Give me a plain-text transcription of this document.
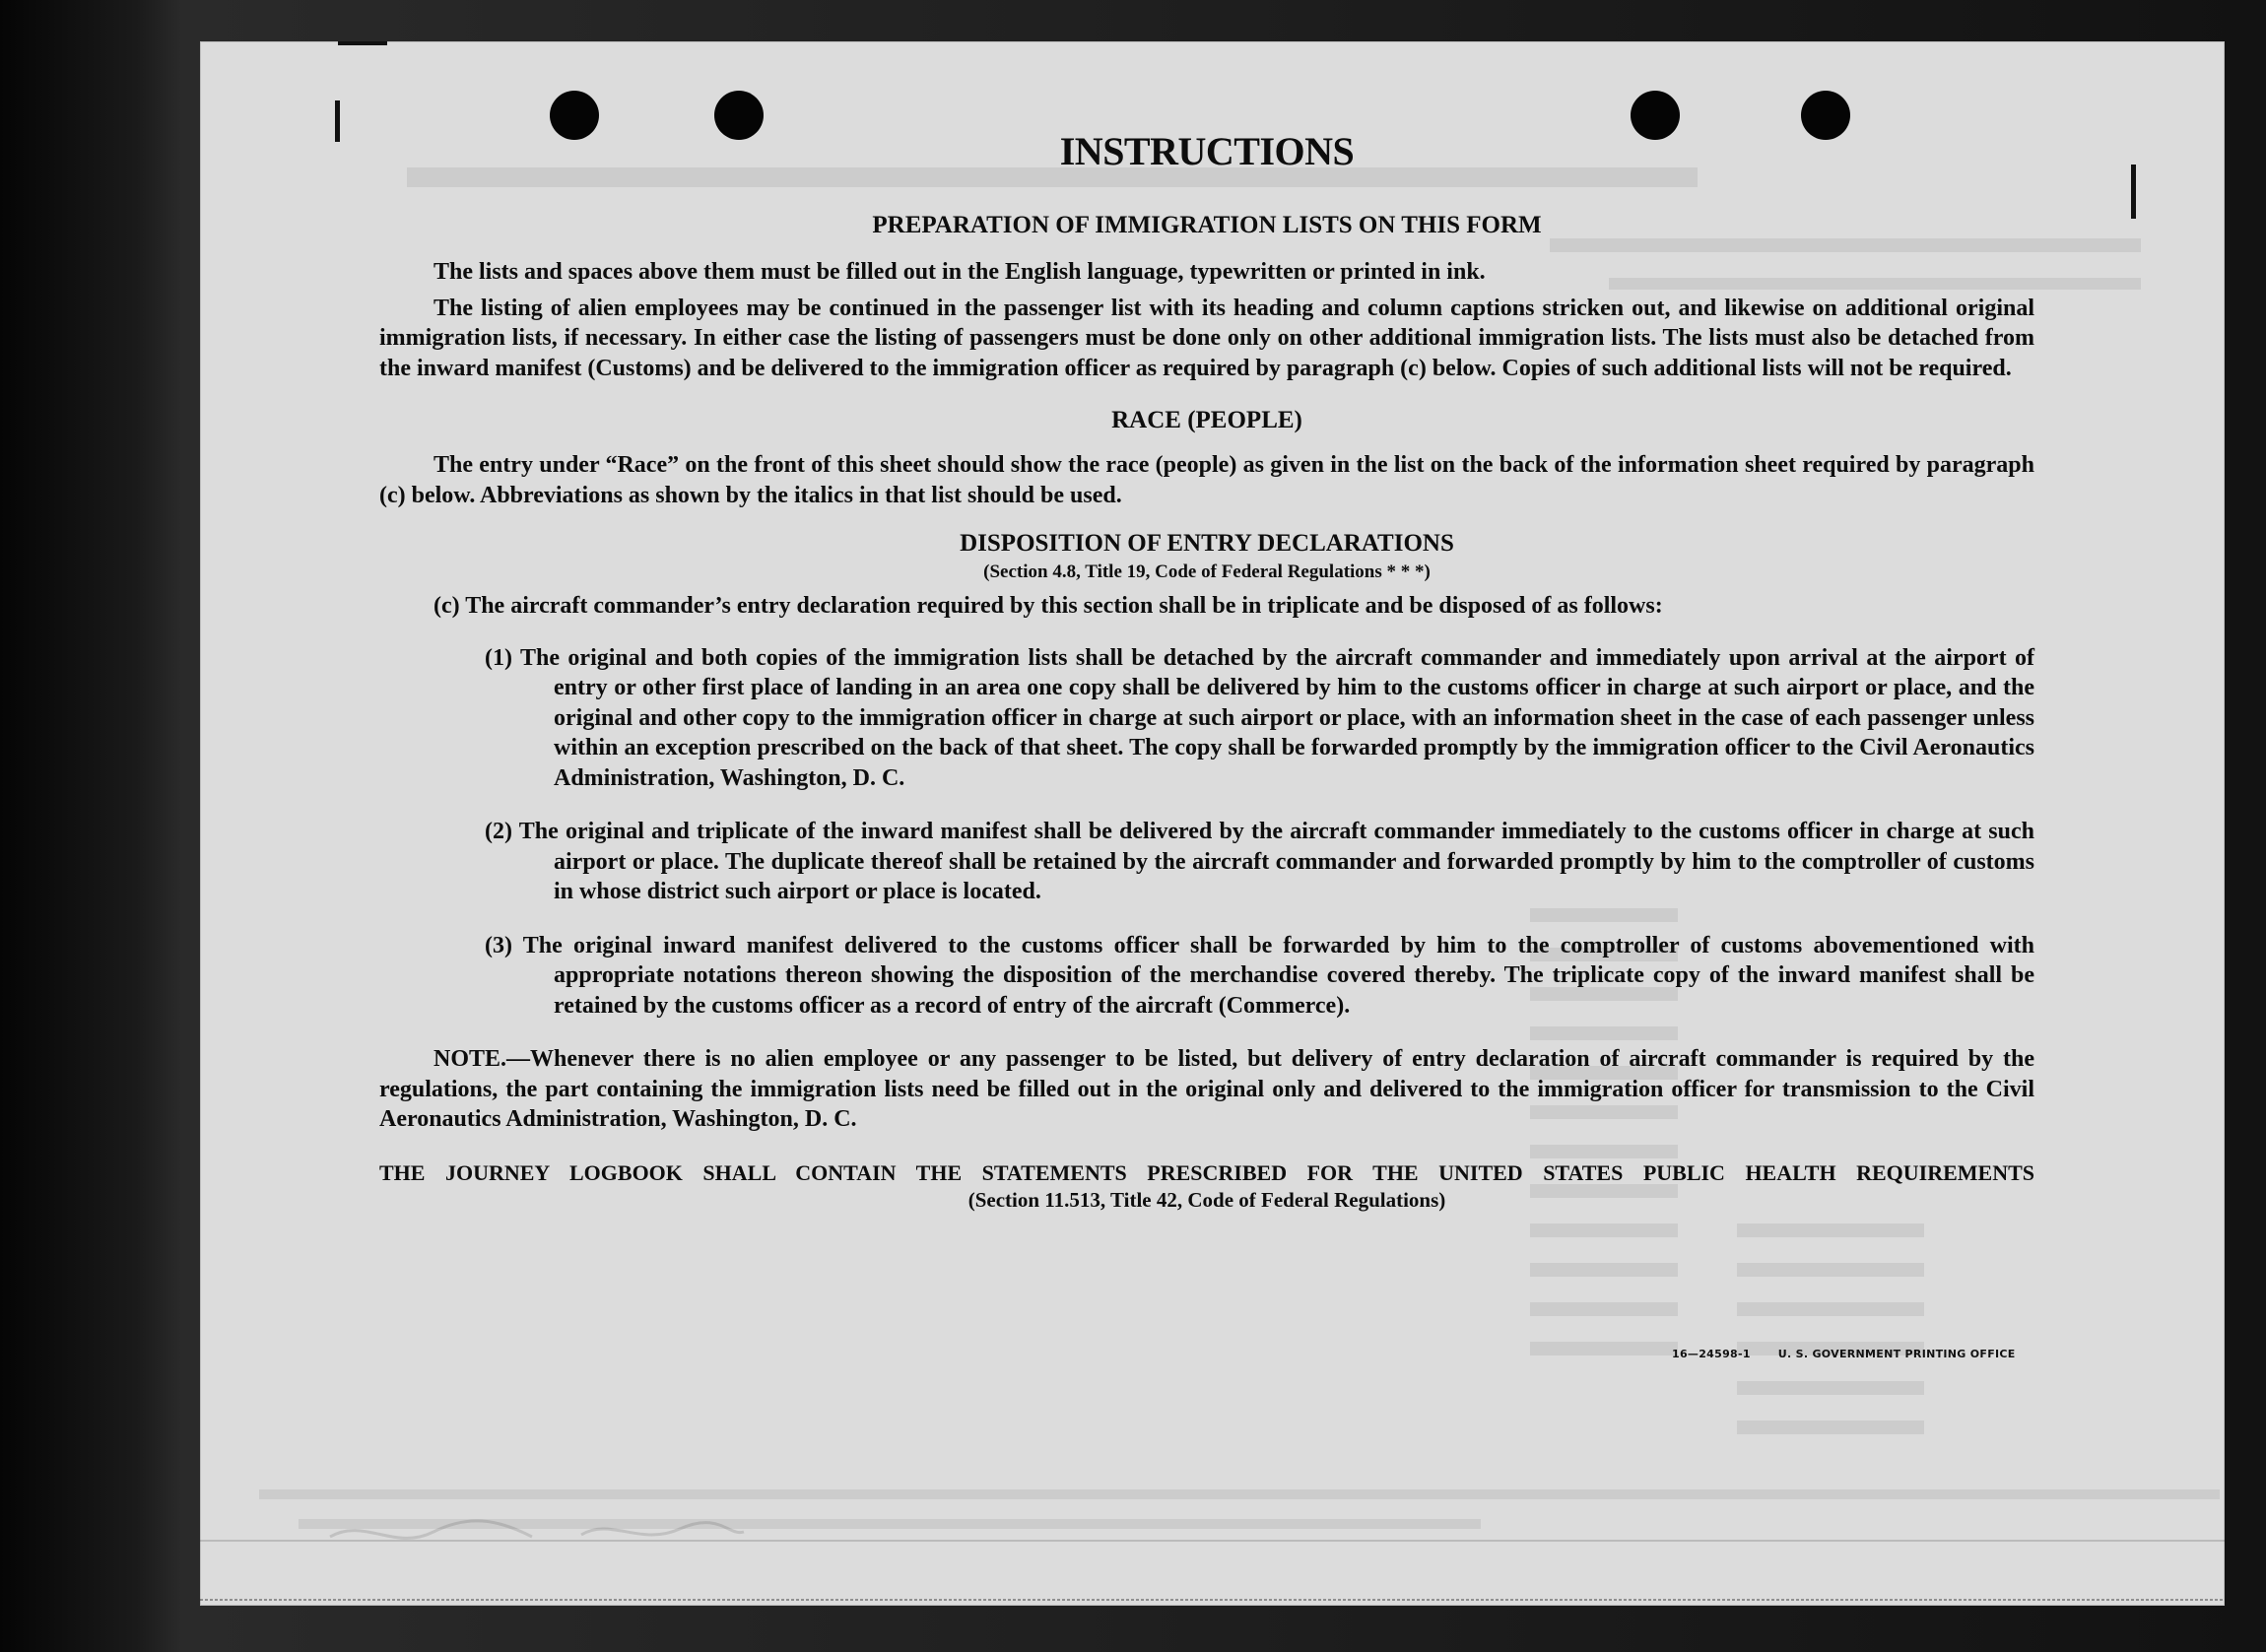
INSTRUCTIONS
PREPARATION OF IMMIGRATION LISTS ON THIS FORM

The lists and spaces above them must be filled out in the English language, typewritten or printed in ink.

The listing of alien employees may be continued in the passenger list with its heading and column captions stricken out, and likewise on additional original immigration lists, if necessary. In either case the listing of passengers must be done only on other additional immigration lists. The lists must also be detached from the inward manifest (Customs) and be delivered to the immigration officer as required by paragraph (c) below. Copies of such additional lists will not be required.

RACE (PEOPLE)

The entry under “Race” on the front of this sheet should show the race (people) as given in the list on the back of the information sheet required by paragraph (c) below. Abbreviations as shown by the italics in that list should be used.

DISPOSITION OF ENTRY DECLARATIONS

(Section 4.8, Title 19, Code of Federal Regulations * * *)

(c) The aircraft commander’s entry declaration required by this section shall be in triplicate and be disposed of as follows:

(1) The original and both copies of the immigration lists shall be detached by the aircraft commander and immediately upon arrival at the airport of entry or other first place of landing in an area one copy shall be delivered by him to the customs officer in charge at such airport or place, and the original and other copy to the immigration officer in charge at such airport or place, with an information sheet in the case of each passenger unless within an exception prescribed on the back of that sheet. The copy shall be forwarded promptly by the immigration officer to the Civil Aeronautics Administration, Washington, D. C.

(2) The original and triplicate of the inward manifest shall be delivered by the aircraft commander immediately to the customs officer in charge at such airport or place. The duplicate thereof shall be retained by the aircraft commander and forwarded promptly by him to the comptroller of customs in whose district such airport or place is located.

(3) The original inward manifest delivered to the customs officer shall be forwarded by him to the comptroller of customs abovementioned with appropriate notations thereon showing the disposition of the merchandise covered thereby. The triplicate copy of the inward manifest shall be retained by the customs officer as a record of entry of the aircraft (Commerce).

NOTE.—Whenever there is no alien employee or any passenger to be listed, but delivery of entry declaration of aircraft commander is required by the regulations, the part containing the immigration lists need be filled out in the original only and delivered to the immigration officer for transmission to the Civil Aeronautics Administration, Washington, D. C.

THE JOURNEY LOGBOOK SHALL CONTAIN THE STATEMENTS PRESCRIBED FOR THE UNITED STATES PUBLIC HEALTH REQUIREMENTS

(Section 11.513, Title 42, Code of Federal Regulations)

16—24598-1	U. S. GOVERNMENT PRINTING OFFICE
